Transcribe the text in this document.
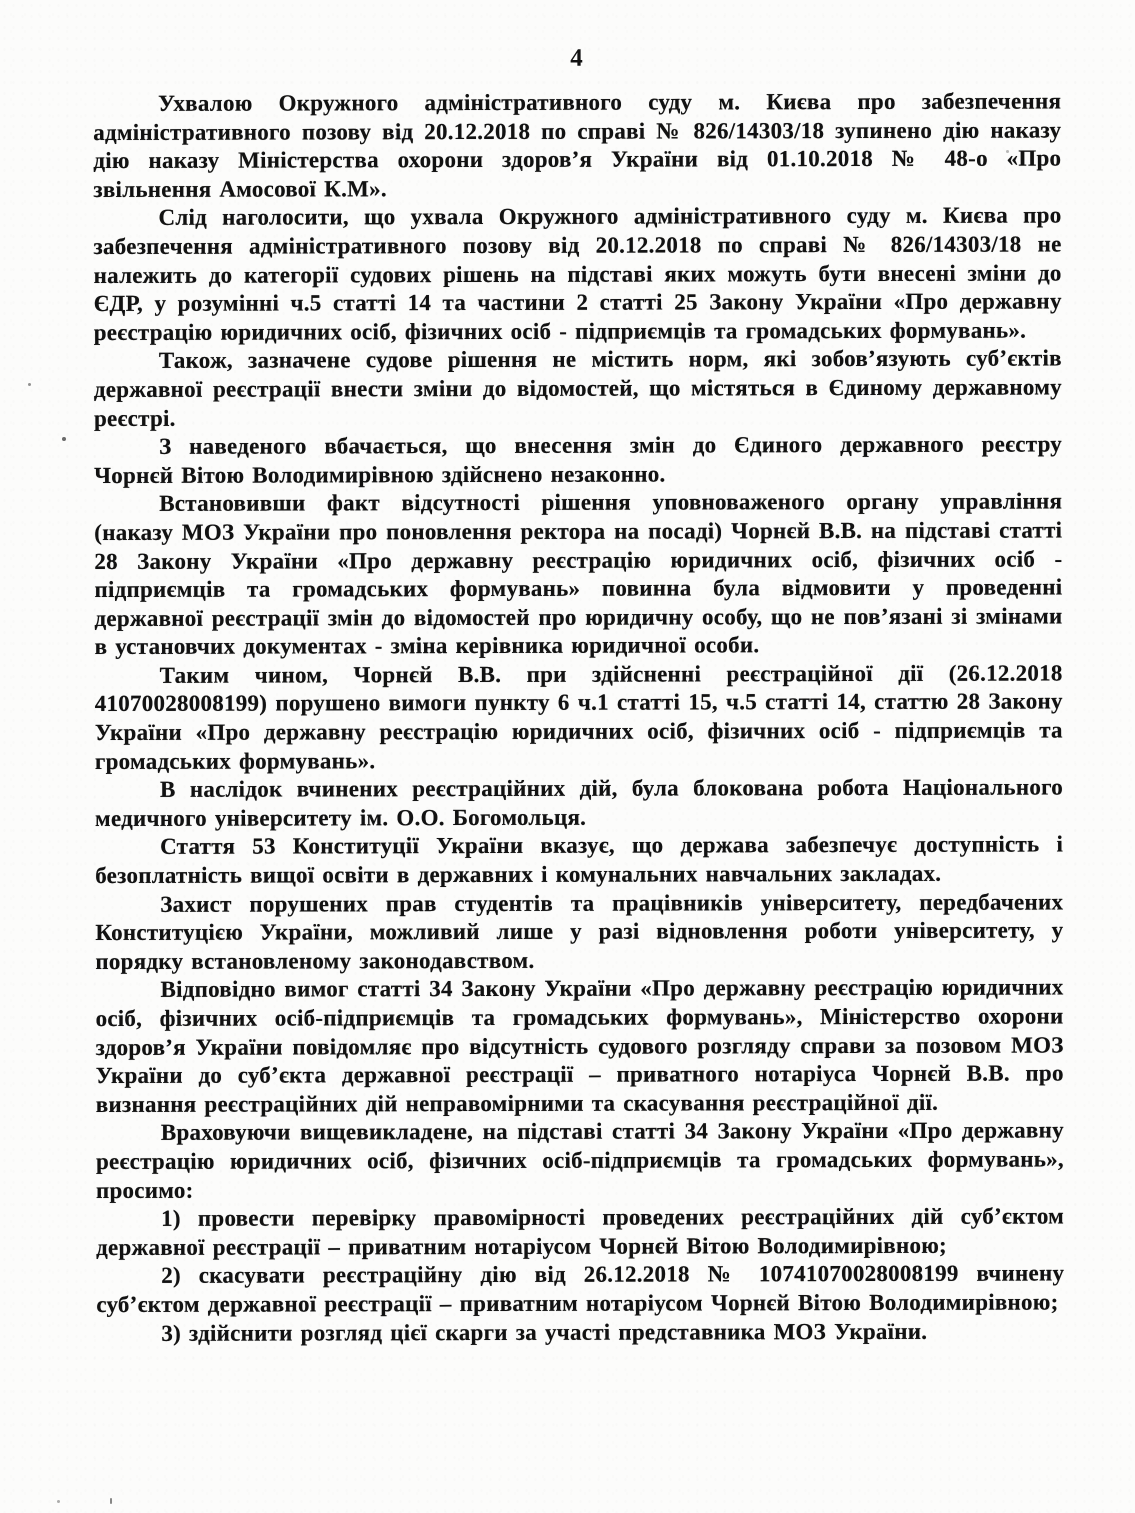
4

Ухвалою Окружного адміністративного суду м. Києва про забезпечення адміністративного позову від 20.12.2018 по справі № 826/14303/18 зупинено дію наказу дію наказу Міністерства охорони здоров’я України від 01.10.2018 № 48-о «Про звільнення Амосової К.М».

Слід наголосити, що ухвала Окружного адміністративного суду м. Києва про забезпечення адміністративного позову від 20.12.2018 по справі № 826/14303/18 не належить до категорії судових рішень на підставі яких можуть бути внесені зміни до ЄДР, у розумінні ч.5 статті 14 та частини 2 статті 25 Закону України «Про державну реєстрацію юридичних осіб, фізичних осіб - підприємців та громадських формувань».

Також, зазначене судове рішення не містить норм, які зобов’язують суб’єктів державної реєстрації внести зміни до відомостей, що містяться в Єдиному державному реєстрі.

З наведеного вбачається, що внесення змін до Єдиного державного реєстру Чорнєй Вітою Володимирівною здійснено незаконно.

Встановивши факт відсутності рішення уповноваженого органу управління (наказу МОЗ України про поновлення ректора на посаді) Чорнєй В.В. на підставі статті 28 Закону України «Про державну реєстрацію юридичних осіб, фізичних осіб - підприємців та громадських формувань» повинна була відмовити у проведенні державної реєстрації змін до відомостей про юридичну особу, що не пов’язані зі змінами в установчих документах - зміна керівника юридичної особи.

Таким чином, Чорнєй В.В. при здійсненні реєстраційної дії (26.12.2018 41070028008199) порушено вимоги пункту 6 ч.1 статті 15, ч.5 статті 14, статтю 28 Закону України «Про державну реєстрацію юридичних осіб, фізичних осіб - підприємців та громадських формувань».

В наслідок вчинених реєстраційних дій, була блокована робота Національного медичного університету ім. О.О. Богомольця.

Стаття 53 Конституції України вказує, що держава забезпечує доступність і безоплатність вищої освіти в державних і комунальних навчальних закладах.

Захист порушених прав студентів та працівників університету, передбачених Конституцією України, можливий лише у разі відновлення роботи університету, у порядку встановленому законодавством.

Відповідно вимог статті 34 Закону України «Про державну реєстрацію юридичних осіб, фізичних осіб-підприємців та громадських формувань», Міністерство охорони здоров’я України повідомляє про відсутність судового розгляду справи за позовом МОЗ України до суб’єкта державної реєстрації – приватного нотаріуса Чорнєй В.В. про визнання реєстраційних дій неправомірними та скасування реєстраційної дії.

Враховуючи вищевикладене, на підставі статті 34 Закону України «Про державну реєстрацію юридичних осіб, фізичних осіб-підприємців та громадських формувань», просимо:

1) провести перевірку правомірності проведених реєстраційних дій суб’єктом державної реєстрації – приватним нотаріусом Чорнєй Вітою Володимирівною;

2) скасувати реєстраційну дію від 26.12.2018 № 10741070028008199 вчинену суб’єктом державної реєстрації – приватним нотаріусом Чорнєй Вітою Володимирівною;

3) здійснити розгляд цієї скарги за участі представника МОЗ України.
